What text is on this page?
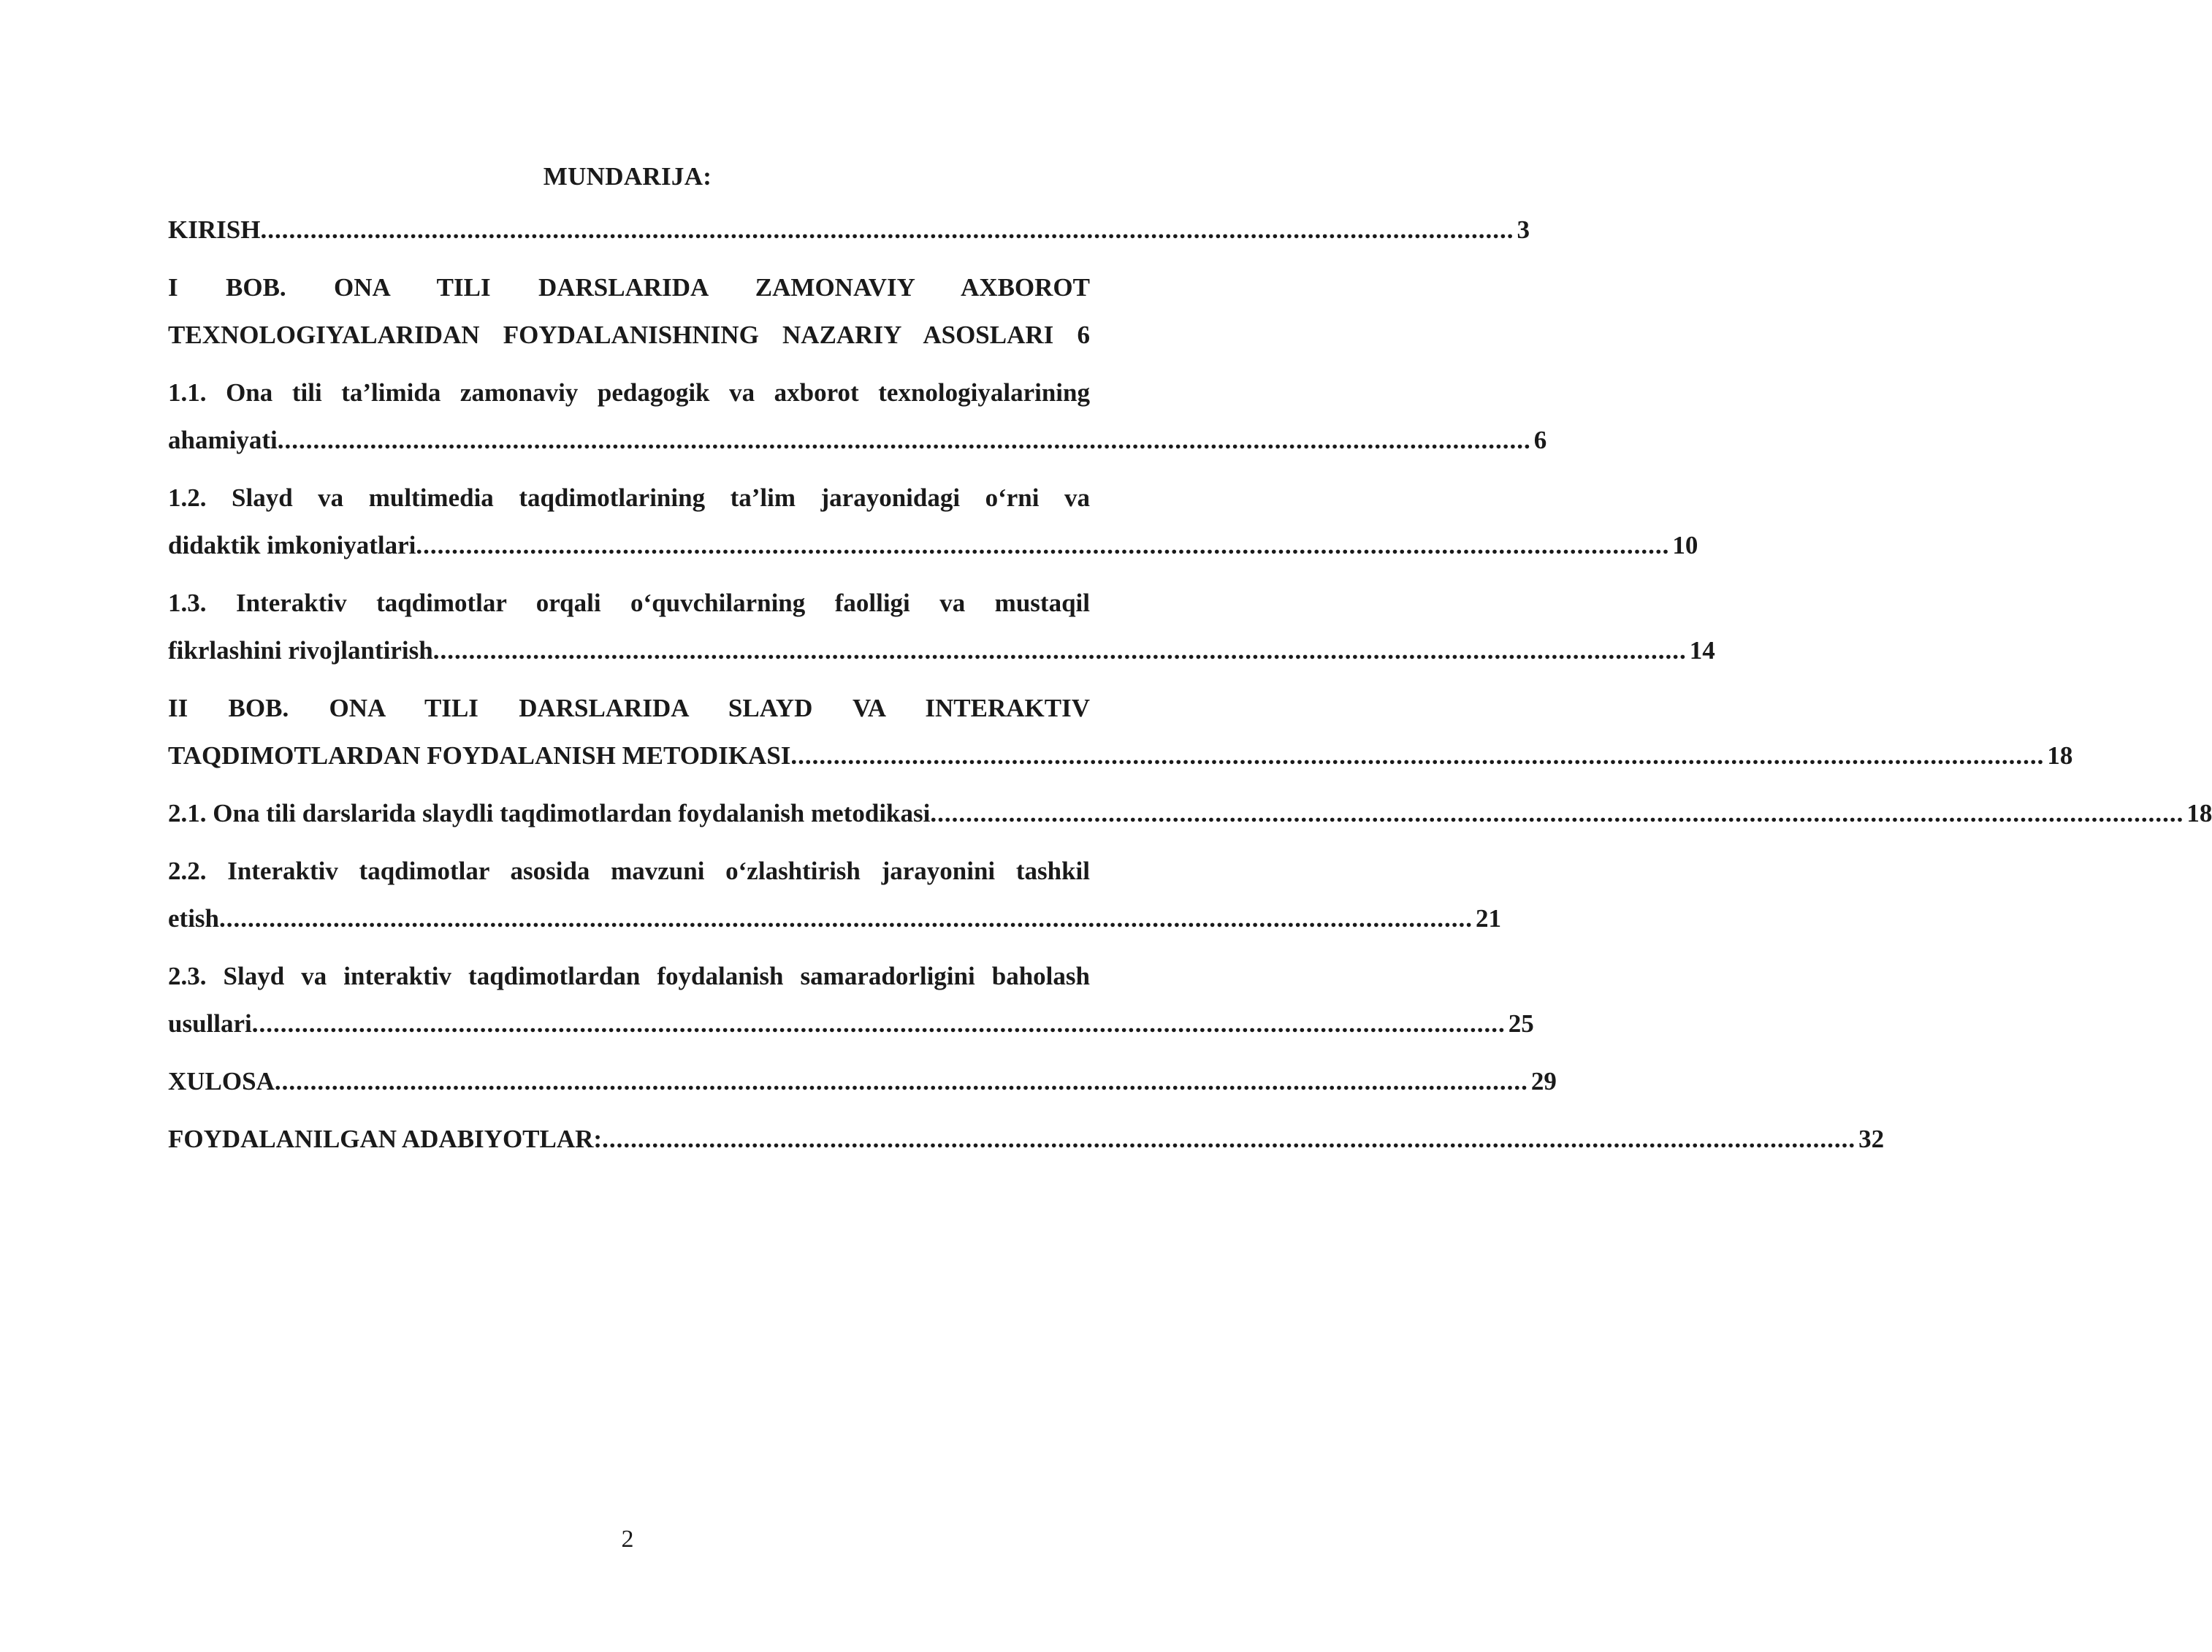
MUNDARIJA:
KIRISH ................................................................................................................................................................................ 3
I BOB. ONA TILI DARSLARIDA ZAMONAVIY AXBOROT
TEXNOLOGIYALARIDAN FOYDALANISHNING NAZARIY ASOSLARI 6
1.1. Ona tili ta’limida zamonaviy pedagogik va axborot texnologiyalarining
ahamiyati ................................................................................................................................................................................ 6
1.2. Slayd va multimedia taqdimotlarining ta’lim jarayonidagi o‘rni va
didaktik imkoniyatlari ................................................................................................................................................................................ 10
1.3. Interaktiv taqdimotlar orqali o‘quvchilarning faolligi va mustaqil
fikrlashini rivojlantirish ................................................................................................................................................................................ 14
II BOB. ONA TILI DARSLARIDA SLAYD VA INTERAKTIV
TAQDIMOTLARDAN FOYDALANISH METODIKASI ................................................................................................................................................................................ 18
2.1. Ona tili darslarida slaydli taqdimotlardan foydalanish metodikasi ................................................................................................................................................................................ 18
2.2. Interaktiv taqdimotlar asosida mavzuni o‘zlashtirish jarayonini tashkil
etish ................................................................................................................................................................................ 21
2.3. Slayd va interaktiv taqdimotlardan foydalanish samaradorligini baholash
usullari ................................................................................................................................................................................ 25
XULOSA ................................................................................................................................................................................ 29
FOYDALANILGAN ADABIYOTLAR: ................................................................................................................................................................................ 32
2
